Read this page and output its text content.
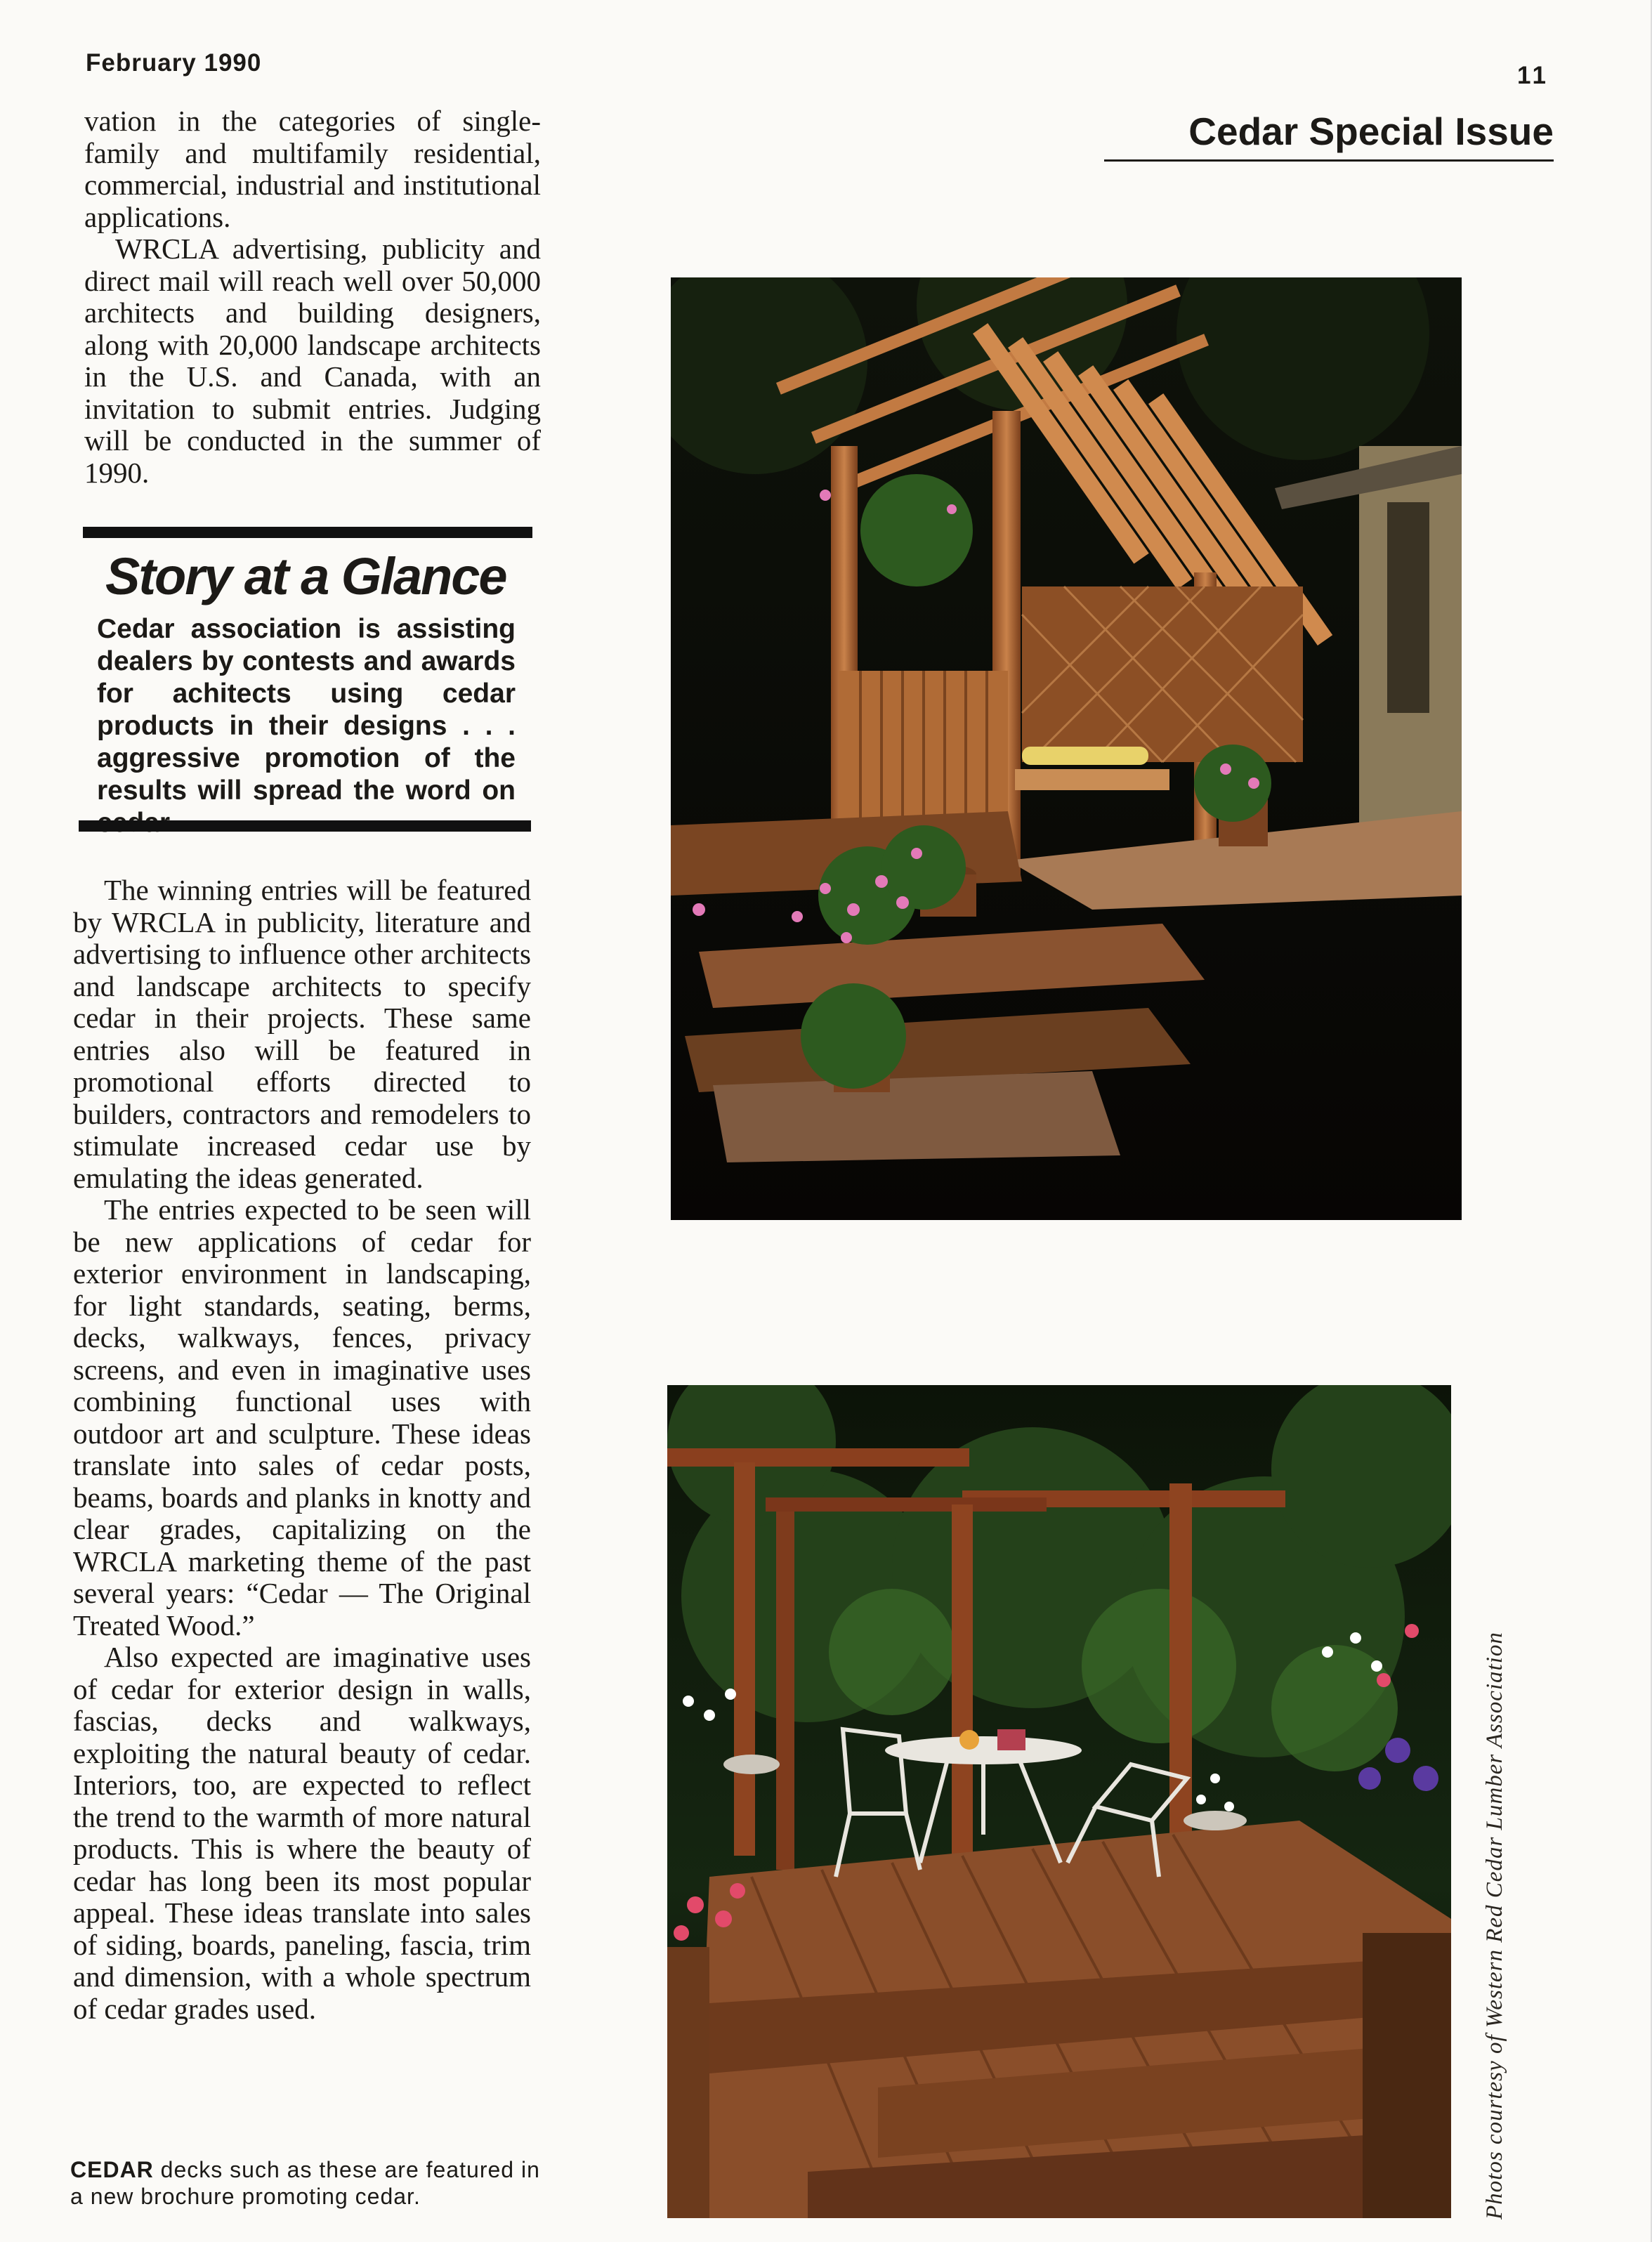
February 1990	11
Cedar Special Issue

vation in the categories of single-family and multifamily residential, commercial, industrial and institutional applications.

WRCLA advertising, publicity and direct mail will reach well over 50,000 architects and building designers, along with 20,000 landscape architects in the U.S. and Canada, with an invitation to submit entries. Judging will be conducted in the summer of 1990.

Story at a Glance

Cedar association is assisting dealers by contests and awards for achitects using cedar products in their designs . . . aggressive promotion of the results will spread the word on

The winning entries will be featured by WRCLA in publicity, literature and advertising to influence other architects and landscape architects to specify cedar in their projects. These same entries also will be featured in promotional efforts directed to builders, contractors and remodelers to stimulate increased cedar use by emulating the ideas generated.

The entries expected to be seen will be new applications of cedar for exterior environment in landscaping, for light standards, seating, berms, decks, walkways, fences, privacy screens, and even in imaginative uses combining functional uses with outdoor art and sculpture. These ideas translate into sales of cedar posts, beams, boards and planks in knotty and clear grades, capitalizing on the WRCLA marketing theme of the past several years: “Cedar — The Original Treated Wood.”

Also expected are imaginative uses of cedar for exterior design in walls, fascias, decks and walkways, exploiting the natural beauty of cedar. Interiors, too, are expected to reflect the trend to the warmth of more natural products. This is where the beauty of cedar has long been its most popular appeal. These ideas translate into sales of siding, boards, paneling, fascia, trim and dimension, with a whole spectrum of cedar grades used.

CEDAR decks such as these are featured in a new brochure promoting cedar.	Photos courtesy of Western Red Cedar Lumber Association
